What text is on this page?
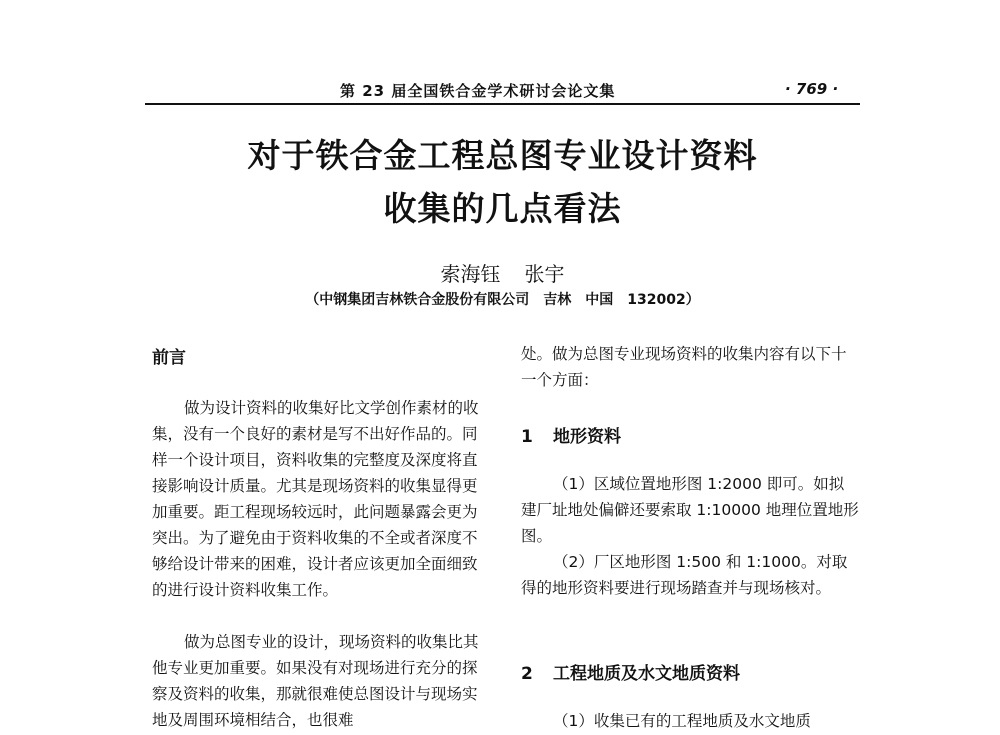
第 23 届全国铁合金学术研讨会论文集	· 769 ·
对于铁合金工程总图专业设计资料
收集的几点看法
索海钰 张宇
（中钢集团吉林铁合金股份有限公司　吉林　中国　132002）
前言

做为设计资料的收集好比文学创作素材的收集，没有一个良好的素材是写不出好作品的。同样一个设计项目，资料收集的完整度及深度将直接影响设计质量。尤其是现场资料的收集显得更加重要。距工程现场较远时，此问题暴露会更为突出。为了避免由于资料收集的不全或者深度不够给设计带来的困难，设计者应该更加全面细致的进行设计资料收集工作。

做为总图专业的设计，现场资料的收集比其他专业更加重要。如果没有对现场进行充分的探察及资料的收集，那就很难使总图设计与现场实地及周围环境相结合，也很难

处。做为总图专业现场资料的收集内容有以下十一个方面：

1 地形资料

（1）区域位置地形图 1:2000 即可。如拟建厂址地处偏僻还要索取 1:10000 地理位置地形图。

（2）厂区地形图 1:500 和 1:1000。对取得的地形资料要进行现场踏查并与现场核对。

2 工程地质及水文地质资料

（1）收集已有的工程地质及水文地质
